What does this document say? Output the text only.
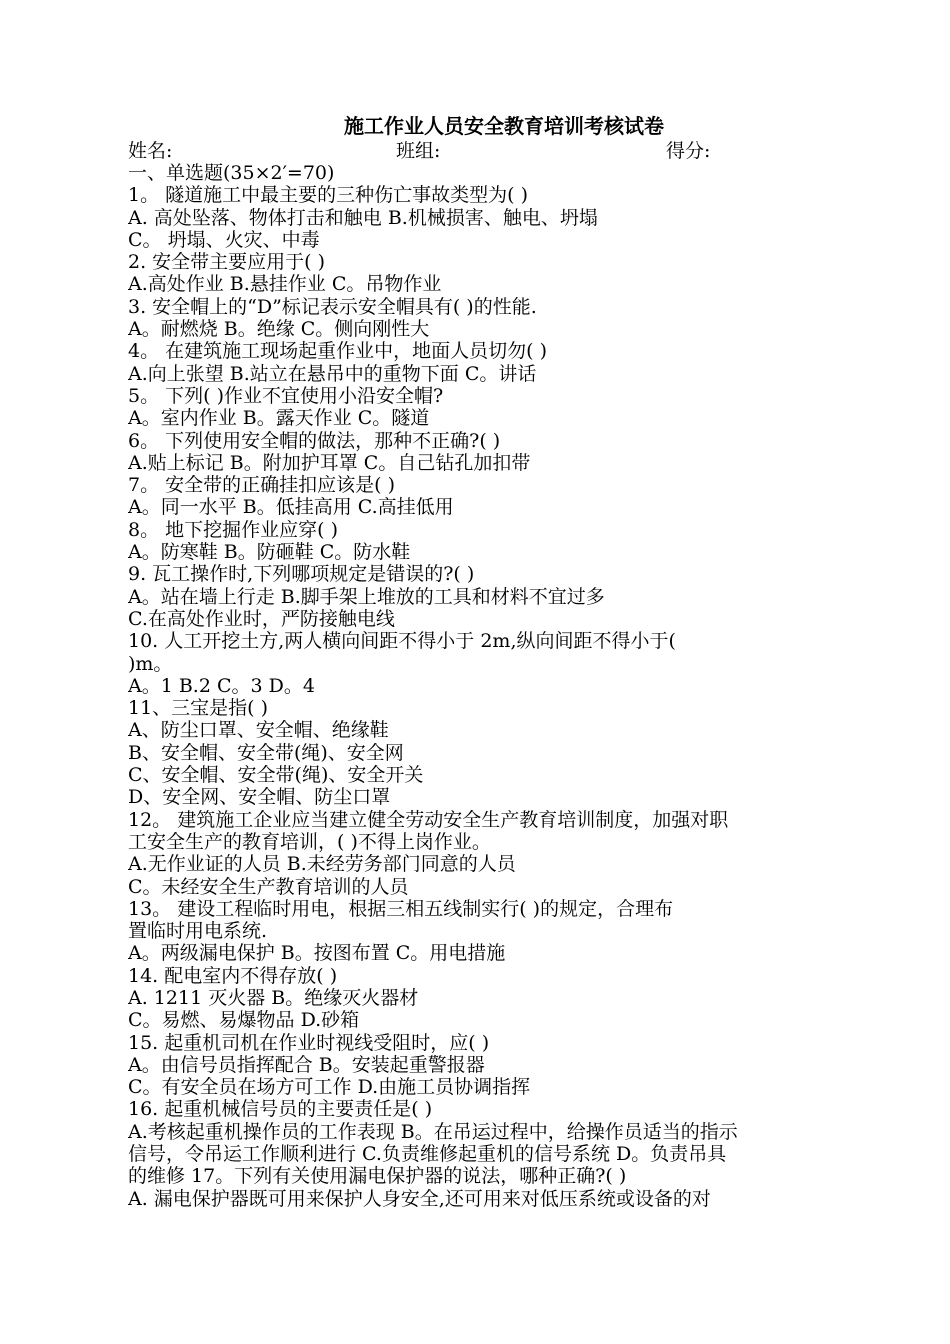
施工作业人员安全教育培训考核试卷
姓名:	班组:	得分:
一、单选题(35×2′=70)
1。 隧道施工中最主要的三种伤亡事故类型为( )
A. 高处坠落、物体打击和触电 B.机械损害、触电、坍塌
C。 坍塌、火灾、中毒
2. 安全带主要应用于( )
A.高处作业 B.悬挂作业 C。吊物作业
3. 安全帽上的“D”标记表示安全帽具有( )的性能.
A。耐燃烧 B。绝缘 C。侧向刚性大
4。 在建筑施工现场起重作业中，地面人员切勿( )
A.向上张望 B.站立在悬吊中的重物下面 C。讲话
5。 下列( )作业不宜使用小沿安全帽?
A。室内作业 B。露天作业 C。隧道
6。 下列使用安全帽的做法，那种不正确?( )
A.贴上标记 B。附加护耳罩 C。自己钻孔加扣带
7。 安全带的正确挂扣应该是( )
A。同一水平 B。低挂高用 C.高挂低用
8。 地下挖掘作业应穿( )
A。防寒鞋 B。防砸鞋 C。防水鞋
9. 瓦工操作时,下列哪项规定是错误的?( )
A。站在墙上行走 B.脚手架上堆放的工具和材料不宜过多
C.在高处作业时，严防接触电线
10. 人工开挖土方,两人横向间距不得小于 2m,纵向间距不得小于(
)m。
A。1 B.2 C。3 D。4
11、三宝是指( )
A、防尘口罩、安全帽、绝缘鞋
B、安全帽、安全带(绳)、安全网
C、安全帽、安全带(绳)、安全开关
D、安全网、安全帽、防尘口罩
12。 建筑施工企业应当建立健全劳动安全生产教育培训制度，加强对职
工安全生产的教育培训，( )不得上岗作业。
A.无作业证的人员 B.未经劳务部门同意的人员
C。未经安全生产教育培训的人员
13。 建设工程临时用电，根据三相五线制实行( )的规定，合理布
置临时用电系统.
A。两级漏电保护 B。按图布置 C。用电措施
14. 配电室内不得存放( )
A. 1211 灭火器 B。绝缘灭火器材
C。易燃、易爆物品 D.砂箱
15. 起重机司机在作业时视线受阻时，应( )
A。由信号员指挥配合 B。安装起重警报器
C。有安全员在场方可工作 D.由施工员协调指挥
16. 起重机械信号员的主要责任是( )
A.考核起重机操作员的工作表现 B。在吊运过程中，给操作员适当的指示
信号，令吊运工作顺利进行 C.负责维修起重机的信号系统 D。负责吊具
的维修 17。下列有关使用漏电保护器的说法，哪种正确?( )
A. 漏电保护器既可用来保护人身安全,还可用来对低压系统或设备的对
